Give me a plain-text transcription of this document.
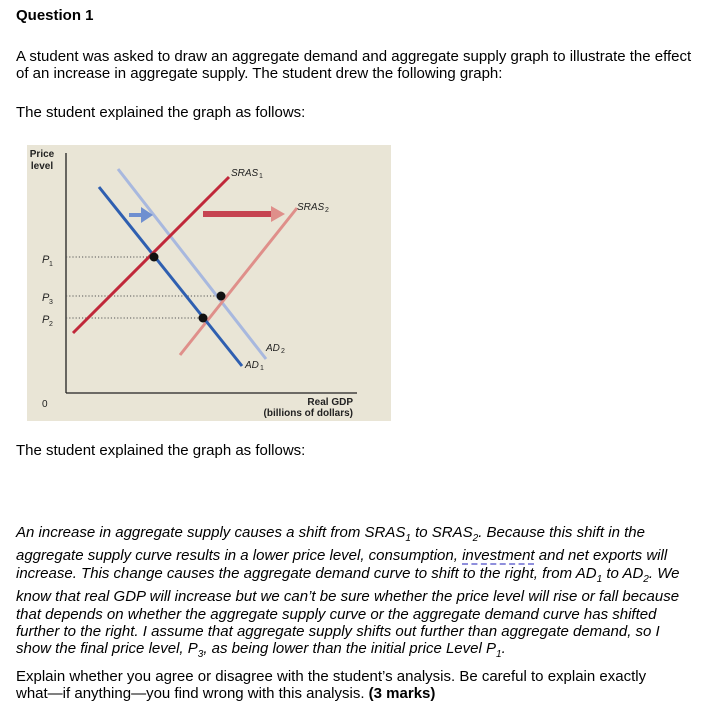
Question 1
A student was asked to draw an aggregate demand and aggregate supply graph to illustrate the effect
of an increase in aggregate supply. The student drew the following graph:
The student explained the graph as follows:
Price
level
P 1
P 3
P 2
0
SRAS 1
SRAS 2
AD 2
AD 1
Real GDP
(billions of dollars)
The student explained the graph as follows:
An increase in aggregate supply causes a shift from $SRAS_1$ to $SRAS_2$. Because this shift in the
aggregate supply curve results in a lower price level, consumption, investment and net exports will
increase. This change causes the aggregate demand curve to shift to the right, from $AD_1$ to $AD_2$. We
know that real GDP will increase but we can’t be sure whether the price level will rise or fall because
that depends on whether the aggregate supply curve or the aggregate demand curve has shifted
further to the right. I assume that aggregate supply shifts out further than aggregate demand, so I
show the final price level, $P_3$, as being lower than the initial price Level $P_1$.
Explain whether you agree or disagree with the student’s analysis. Be careful to explain exactly
what—if anything—you find wrong with this analysis. (3 marks)
